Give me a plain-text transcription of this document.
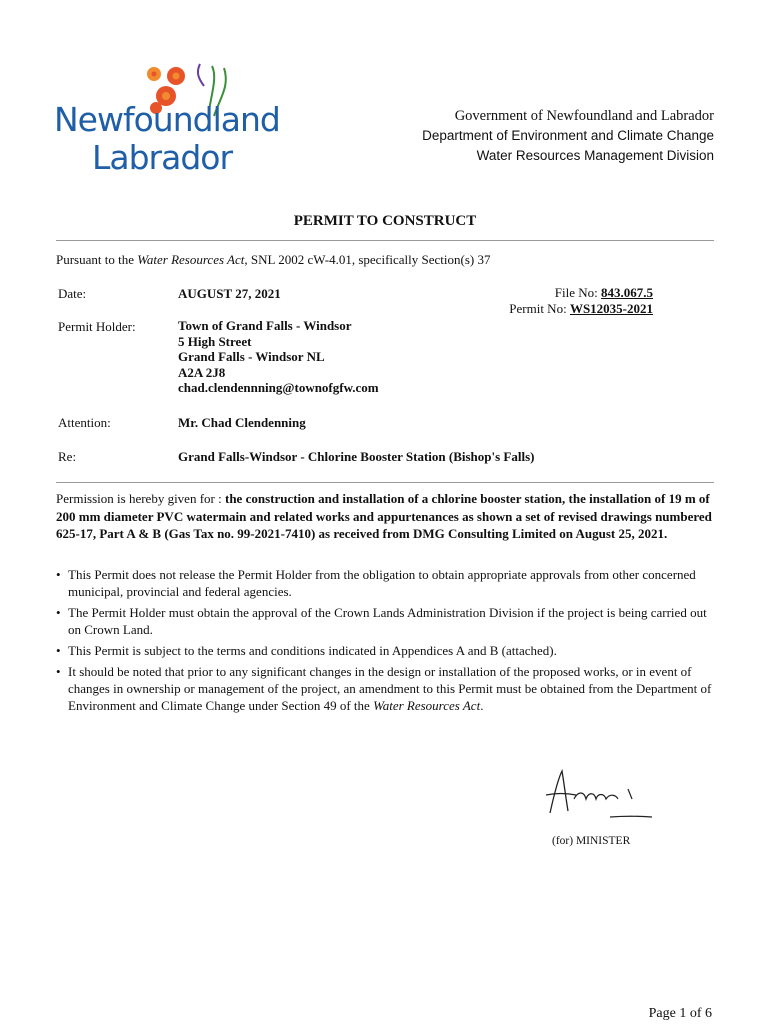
Newfoundland
Labrador
Government of Newfoundland and Labrador
Department of Environment and Climate Change
Water Resources Management Division
PERMIT TO CONSTRUCT
Pursuant to the Water Resources Act, SNL 2002 cW-4.01, specifically Section(s) 37
Date:	AUGUST 27, 2021	File No: 843.067.5
Permit No: WS12035-2021
Permit Holder:	Town of Grand Falls - Windsor
5 High Street
Grand Falls - Windsor NL
A2A 2J8
chad.clendennning@townofgfw.com
Attention:	Mr. Chad Clendenning
Re:	Grand Falls-Windsor - Chlorine Booster Station (Bishop's Falls)
Permission is hereby given for : the construction and installation of a chlorine booster station, the installation of 19 m of 200 mm diameter PVC watermain and related works and appurtenances as shown a set of revised drawings numbered 625-17, Part A & B (Gas Tax no. 99-2021-7410) as received from DMG Consulting Limited on August 25, 2021.
• This Permit does not release the Permit Holder from the obligation to obtain appropriate approvals from other concerned municipal, provincial and federal agencies.
• The Permit Holder must obtain the approval of the Crown Lands Administration Division if the project is being carried out on Crown Land.
• This Permit is subject to the terms and conditions indicated in Appendices A and B (attached).
• It should be noted that prior to any significant changes in the design or installation of the proposed works, or in event of changes in ownership or management of the project, an amendment to this Permit must be obtained from the Department of Environment and Climate Change under Section 49 of the Water Resources Act.
(for) MINISTER
Page 1 of 6
